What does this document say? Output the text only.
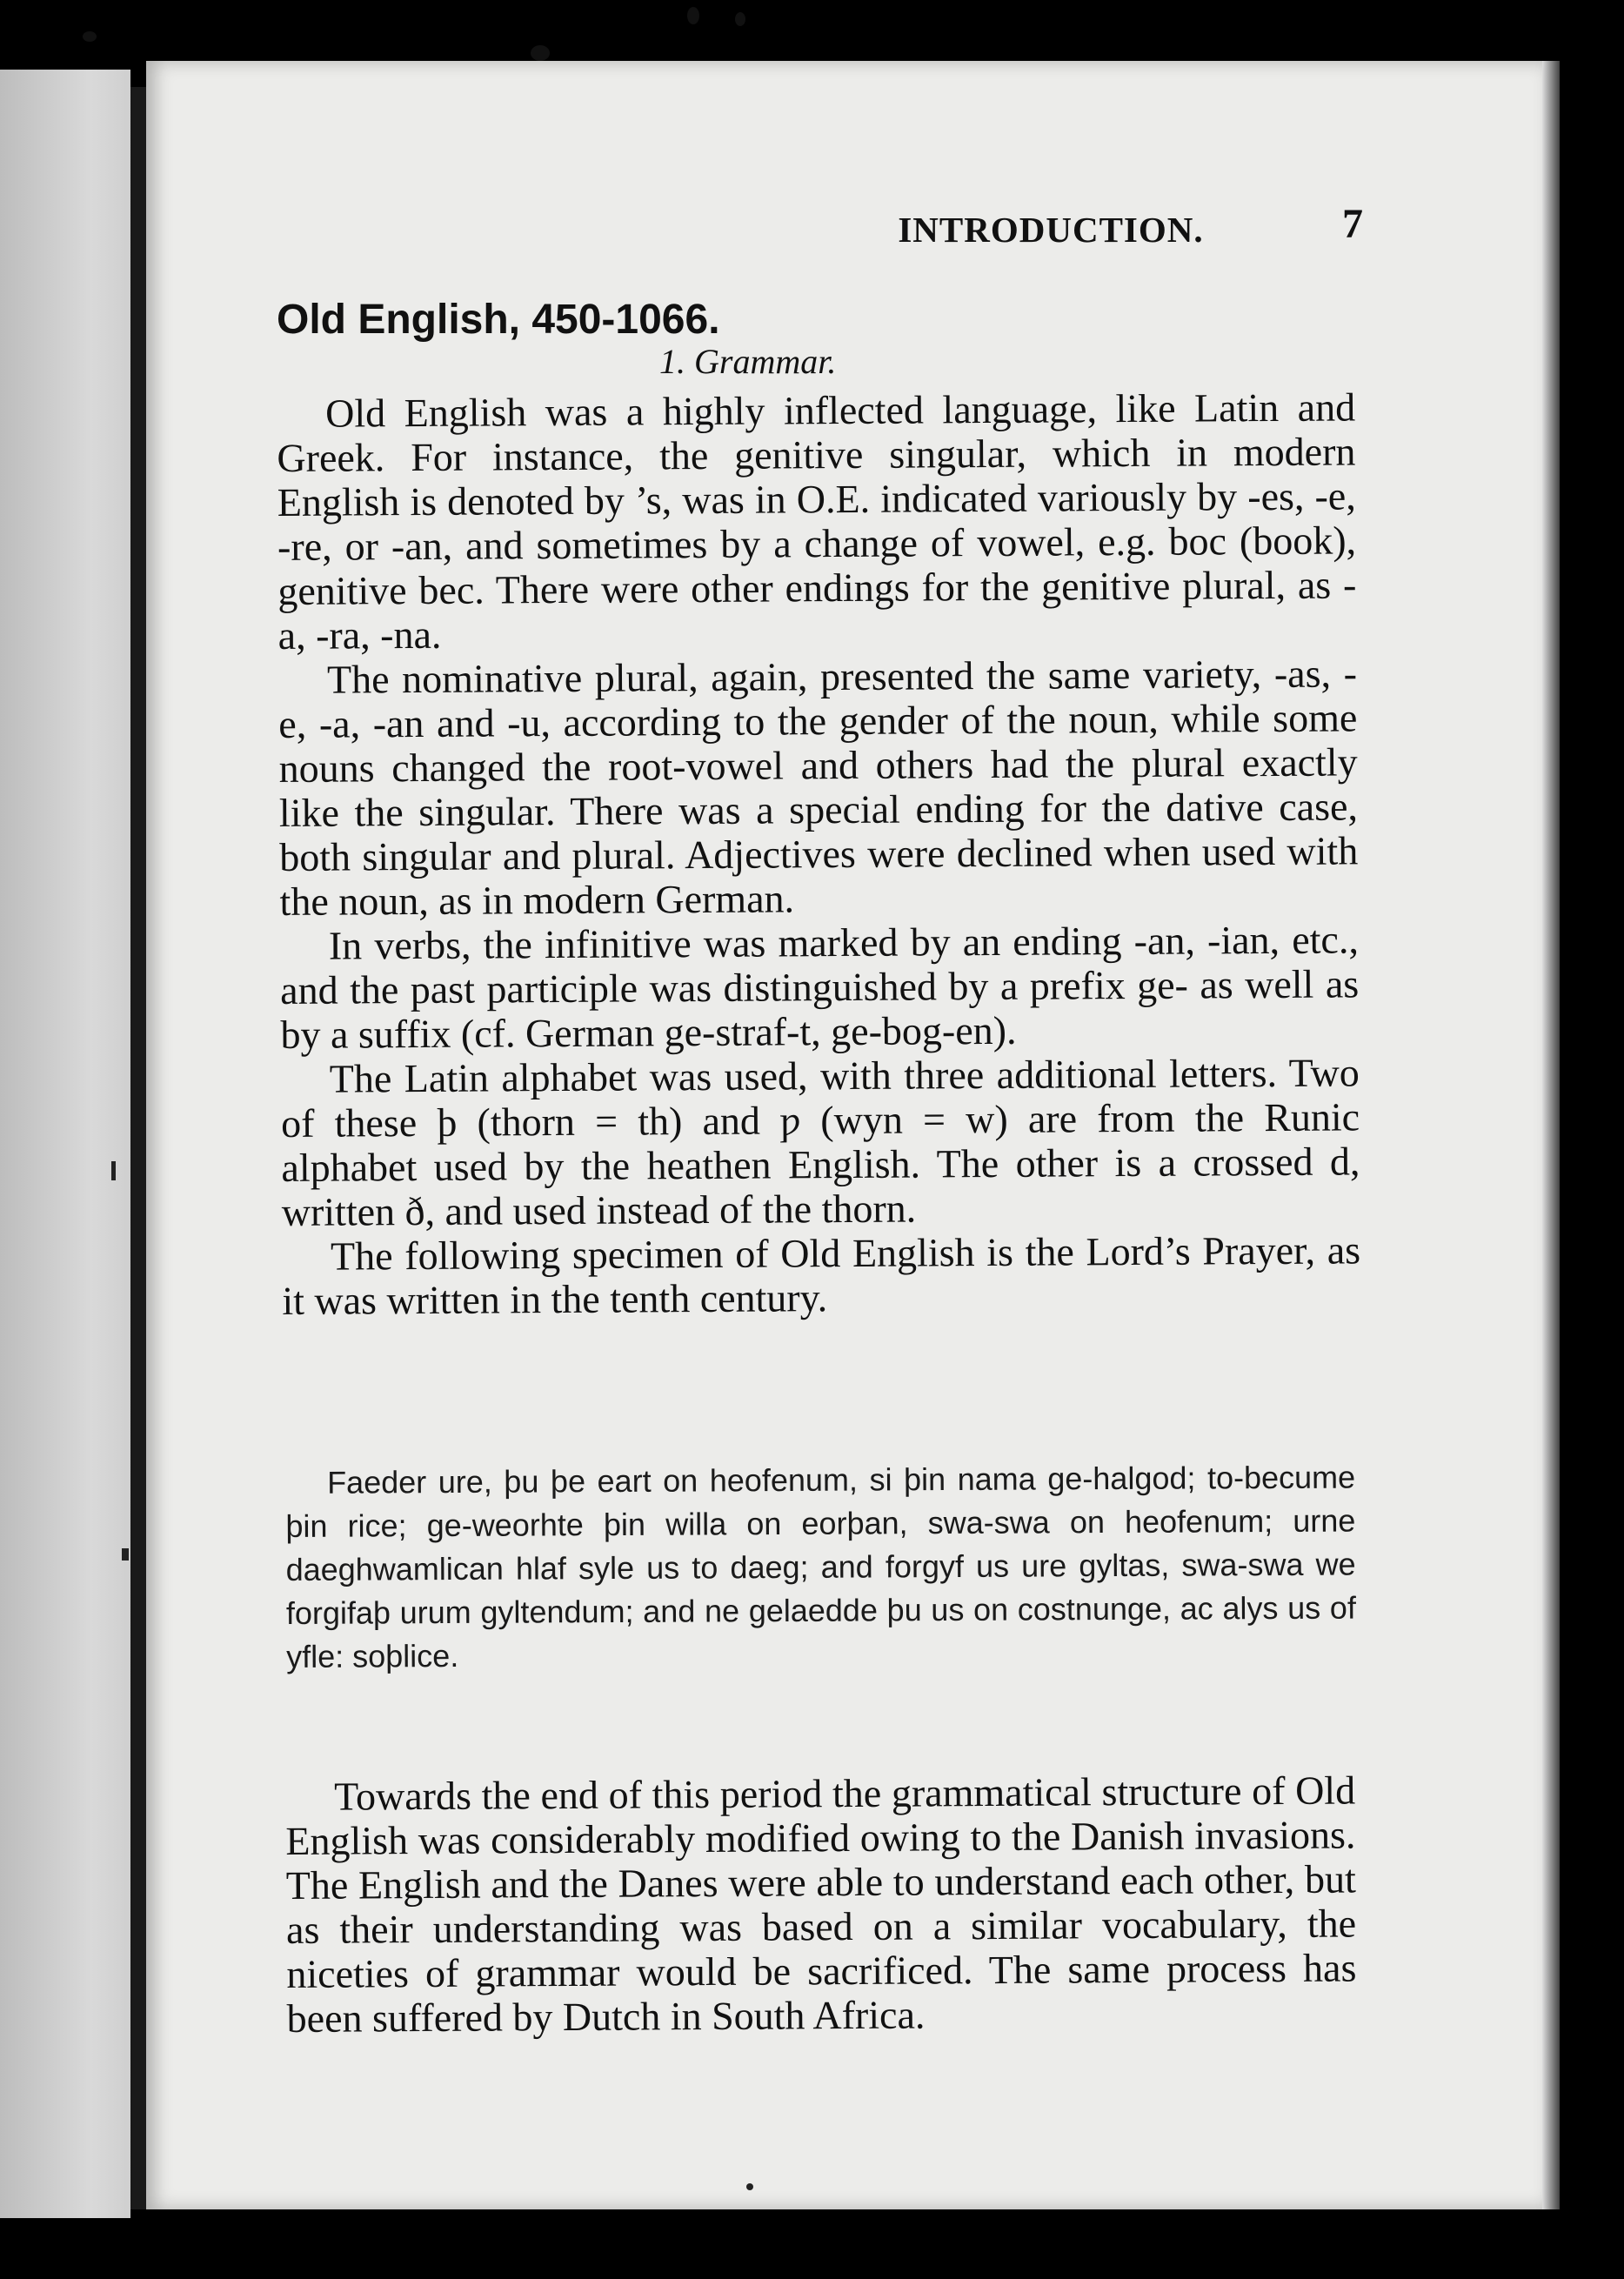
INTRODUCTION.	7
Old English, 450-1066.
1. Grammar.

Old English was a highly inflected language, like Latin and Greek. For instance, the genitive singular, which in modern English is denoted by ’s, was in O.E. indicated variously by -es, -e, -re, or -an, and sometimes by a change of vowel, e.g. boc (book), genitive bec. There were other endings for the genitive plural, as -a, -ra, -na.

The nominative plural, again, presented the same variety, -as, -e, -a, -an and -u, according to the gender of the noun, while some nouns changed the root-vowel and others had the plural exactly like the singular. There was a special ending for the dative case, both singular and plural. Adjectives were declined when used with the noun, as in modern German.

In verbs, the infinitive was marked by an ending -an, -ian, etc., and the past participle was distinguished by a prefix ge- as well as by a suffix (cf. German ge-straf-t, ge-bog-en).

The Latin alphabet was used, with three additional letters. Two of these þ (thorn = th) and ƿ (wyn = w) are from the Runic alphabet used by the heathen English. The other is a crossed d, written ð, and used instead of the thorn.

The following specimen of Old English is the Lord’s Prayer, as it was written in the tenth century.

Faeder ure, þu þe eart on heofenum, si þin nama ge-halgod; to-becume þin rice; ge-weorhte þin willa on eorþan, swa-swa on heofenum; urne daeghwamlican hlaf syle us to daeg; and forgyf us ure gyltas, swa-swa we forgifaþ urum gyltendum; and ne gelaedde þu us on costnunge, ac alys us of yfle: soþlice.

Towards the end of this period the grammatical structure of Old English was considerably modified owing to the Danish invasions. The English and the Danes were able to understand each other, but as their understanding was based on a similar vocabulary, the niceties of grammar would be sacrificed. The same process has been suffered by Dutch in South Africa.
